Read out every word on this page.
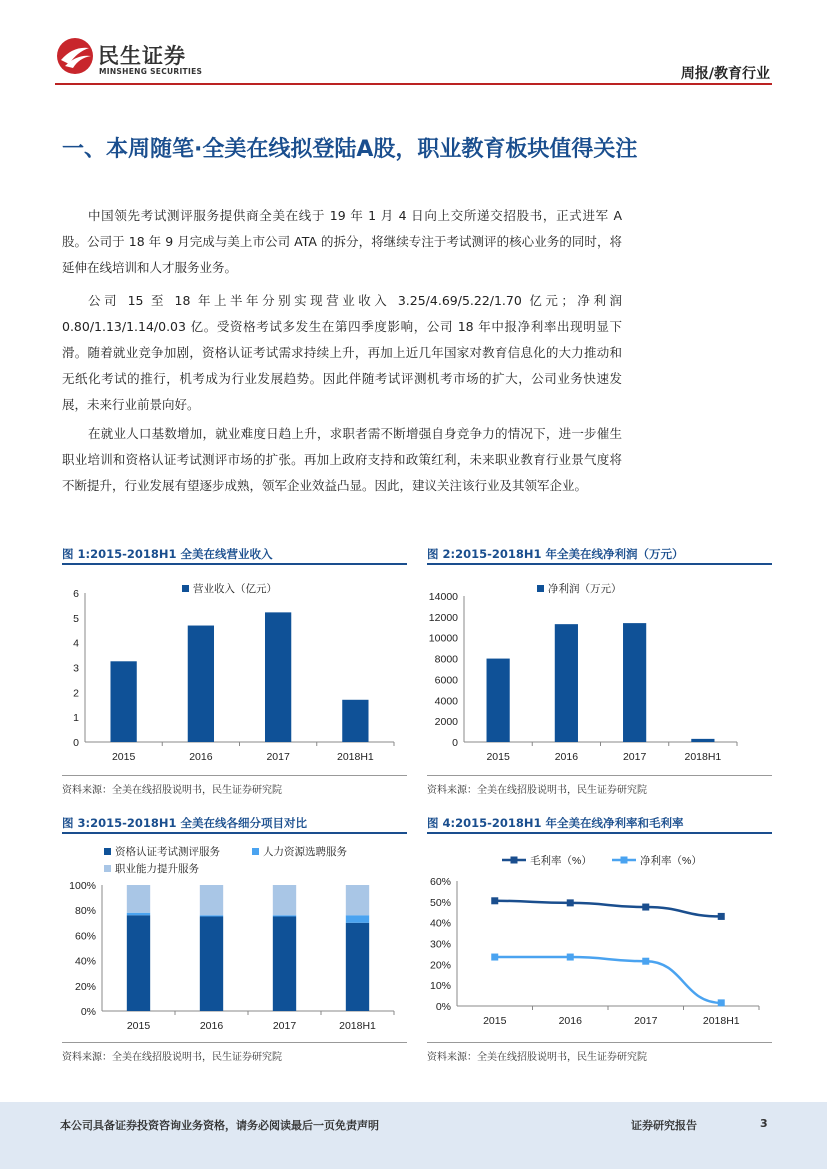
民生证券
MINSHENG SECURITIES	周报/教育行业
一、本周随笔·全美在线拟登陆A股，职业教育板块值得关注
中国领先考试测评服务提供商全美在线于 19 年 1 月 4 日向上交所递交招股书，正式进军 A 股。公司于 18 年 9 月完成与美上市公司 ATA 的拆分，将继续专注于考试测评的核心业务的同时，将延伸在线培训和人才服务业务。
公司 15 至 18 年上半年分别实现营业收入 3.25/4.69/5.22/1.70 亿元；净利润 0.80/1.13/1.14/0.03 亿。受资格考试多发生在第四季度影响，公司 18 年中报净利率出现明显下滑。随着就业竞争加剧，资格认证考试需求持续上升，再加上近几年国家对教育信息化的大力推动和无纸化考试的推行，机考成为行业发展趋势。因此伴随考试评测机考市场的扩大，公司业务快速发展，未来行业前景向好。
在就业人口基数增加，就业难度日趋上升，求职者需不断增强自身竞争力的情况下，进一步催生职业培训和资格认证考试测评市场的扩张。再加上政府支持和政策红利，未来职业教育行业景气度将不断提升，行业发展有望逐步成熟，领军企业效益凸显。因此，建议关注该行业及其领军企业。
图 1:2015-2018H1 全美在线营业收入
0
1
2
3
4
5
6
2015	2016	2017	2018H1
营业收入（亿元）
资料来源：全美在线招股说明书，民生证券研究院
图 2:2015-2018H1 年全美在线净利润（万元）
0
2000
4000
6000
8000
10000
12000
14000
2015	2016	2017	2018H1
净利润（万元）
资料来源：全美在线招股说明书，民生证券研究院
图 3:2015-2018H1 全美在线各细分项目对比
0%
20%
40%
60%
80%
100%
2015	2016	2017	2018H1
资格认证考试测评服务	人力资源选聘服务
职业能力提升服务
资料来源：全美在线招股说明书，民生证券研究院
图 4:2015-2018H1 年全美在线净利率和毛利率
0%
10%
20%
30%
40%
50%
60%
2015	2016	2017	2018H1
毛利率（%）	净利率（%）
资料来源：全美在线招股说明书，民生证券研究院
本公司具备证券投资咨询业务资格，请务必阅读最后一页免责声明	证券研究报告	3
